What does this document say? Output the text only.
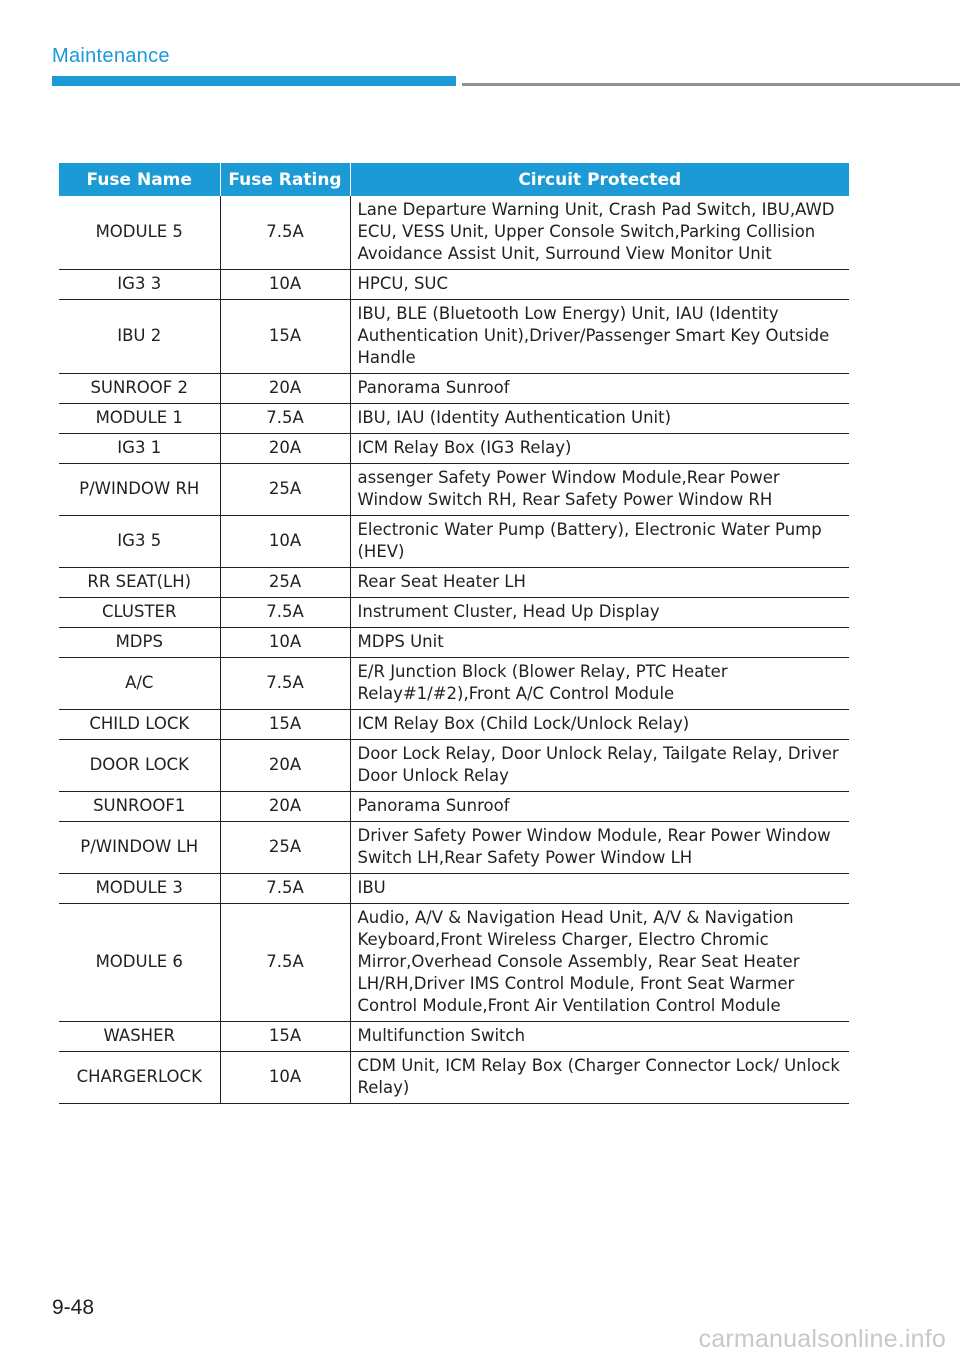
Maintenance
Fuse Name	Fuse Rating	Circuit Protected
MODULE 5	7.5A	Lane Departure Warning Unit, Crash Pad Switch, IBU,AWD ECU, VESS Unit, Upper Console Switch,Parking Collision Avoidance Assist Unit, Surround View Monitor Unit
IG3 3	10A	HPCU, SUC
IBU 2	15A	IBU, BLE (Bluetooth Low Energy) Unit, IAU (Identity Authentication Unit),Driver/Passenger Smart Key Outside Handle
SUNROOF 2	20A	Panorama Sunroof
MODULE 1	7.5A	IBU, IAU (Identity Authentication Unit)
IG3 1	20A	ICM Relay Box (IG3 Relay)
P/WINDOW RH	25A	assenger Safety Power Window Module,Rear Power Window Switch RH, Rear Safety Power Window RH
IG3 5	10A	Electronic Water Pump (Battery), Electronic Water Pump (HEV)
RR SEAT(LH)	25A	Rear Seat Heater LH
CLUSTER	7.5A	Instrument Cluster, Head Up Display
MDPS	10A	MDPS Unit
A/C	7.5A	E/R Junction Block (Blower Relay, PTC Heater Relay#1/#2),Front A/C Control Module
CHILD LOCK	15A	ICM Relay Box (Child Lock/Unlock Relay)
DOOR LOCK	20A	Door Lock Relay, Door Unlock Relay, Tailgate Relay, Driver Door Unlock Relay
SUNROOF1	20A	Panorama Sunroof
P/WINDOW LH	25A	Driver Safety Power Window Module, Rear Power Window Switch LH,Rear Safety Power Window LH
MODULE 3	7.5A	IBU
MODULE 6	7.5A	Audio, A/V & Navigation Head Unit, A/V & Navigation Keyboard,Front Wireless Charger, Electro Chromic Mirror,Overhead Console Assembly, Rear Seat Heater LH/RH,Driver IMS Control Module, Front Seat Warmer Control Module,Front Air Ventilation Control Module
WASHER	15A	Multifunction Switch
CHARGERLOCK	10A	CDM Unit, ICM Relay Box (Charger Connector Lock/ Unlock Relay)
9-48
carmanualsonline.info
